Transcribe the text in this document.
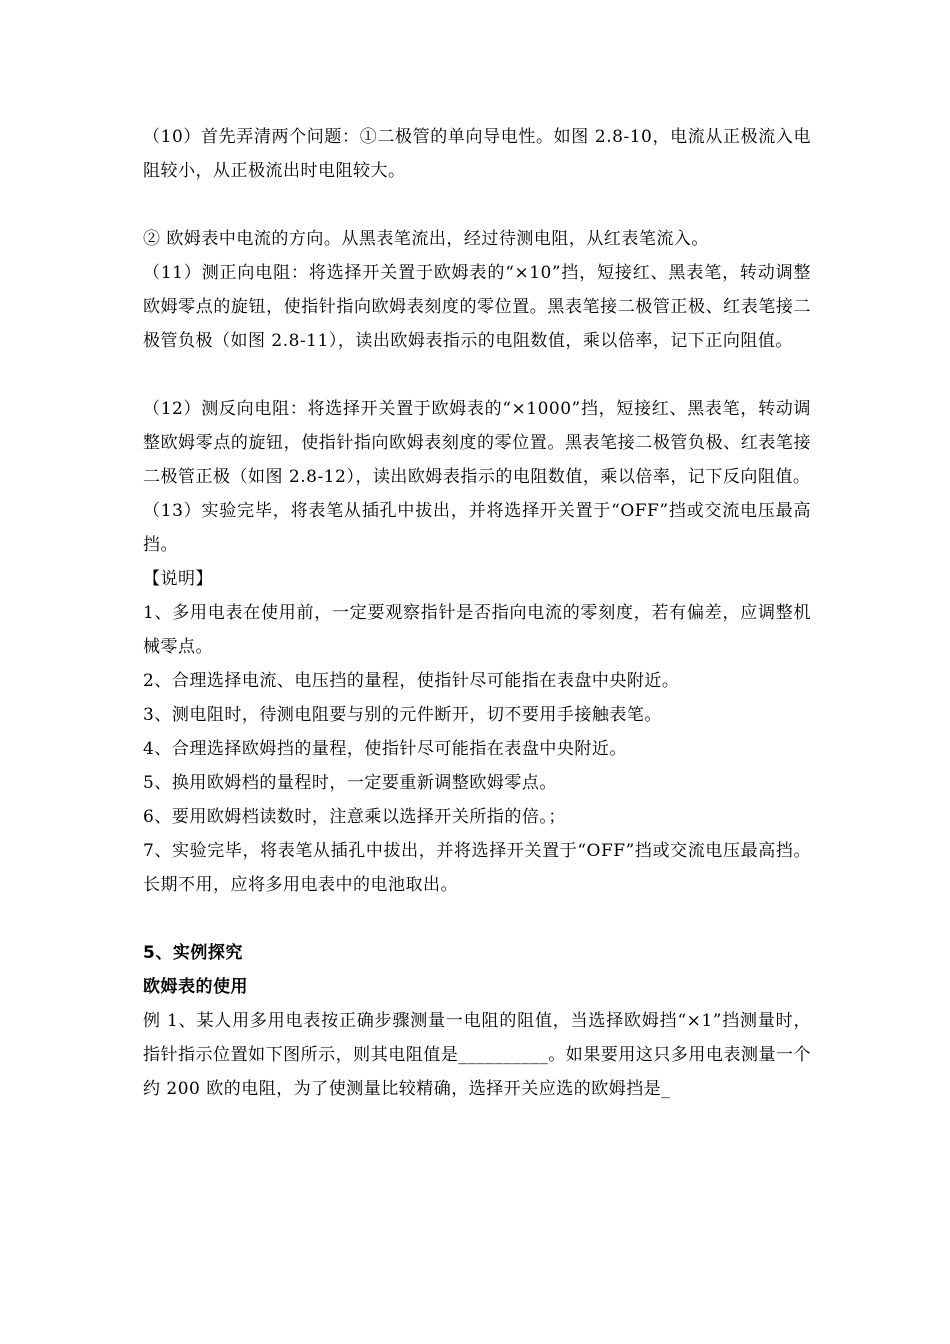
（10）首先弄清两个问题：①二极管的单向导电性。如图 2.8-10，电流从正极流入电阻较小，从正极流出时电阻较大。

② 欧姆表中电流的方向。从黑表笔流出，经过待测电阻，从红表笔流入。

（11）测正向电阻：将选择开关置于欧姆表的“×10”挡，短接红、黑表笔，转动调整欧姆零点的旋钮，使指针指向欧姆表刻度的零位置。黑表笔接二极管正极、红表笔接二极管负极（如图 2.8-11），读出欧姆表指示的电阻数值，乘以倍率，记下正向阻值。

（12）测反向电阻：将选择开关置于欧姆表的“×1000”挡，短接红、黑表笔，转动调整欧姆零点的旋钮，使指针指向欧姆表刻度的零位置。黑表笔接二极管负极、红表笔接二极管正极（如图 2.8-12），读出欧姆表指示的电阻数值，乘以倍率，记下反向阻值。

（13）实验完毕，将表笔从插孔中拔出，并将选择开关置于“OFF”挡或交流电压最高挡。

【说明】

1、多用电表在使用前，一定要观察指针是否指向电流的零刻度，若有偏差，应调整机械零点。

2、合理选择电流、电压挡的量程，使指针尽可能指在表盘中央附近。

3、测电阻时，待测电阻要与别的元件断开，切不要用手接触表笔。

4、合理选择欧姆挡的量程，使指针尽可能指在表盘中央附近。

5、换用欧姆档的量程时，一定要重新调整欧姆零点。

6、要用欧姆档读数时，注意乘以选择开关所指的倍。；

7、实验完毕，将表笔从插孔中拔出，并将选择开关置于“OFF”挡或交流电压最高挡。长期不用，应将多用电表中的电池取出。

5、实例探究

欧姆表的使用

例 1、某人用多用电表按正确步骤测量一电阻的阻值，当选择欧姆挡“×1”挡测量时，指针指示位置如下图所示，则其电阻值是__________。如果要用这只多用电表测量一个约 200 欧的电阻，为了使测量比较精确，选择开关应选的欧姆挡是_
